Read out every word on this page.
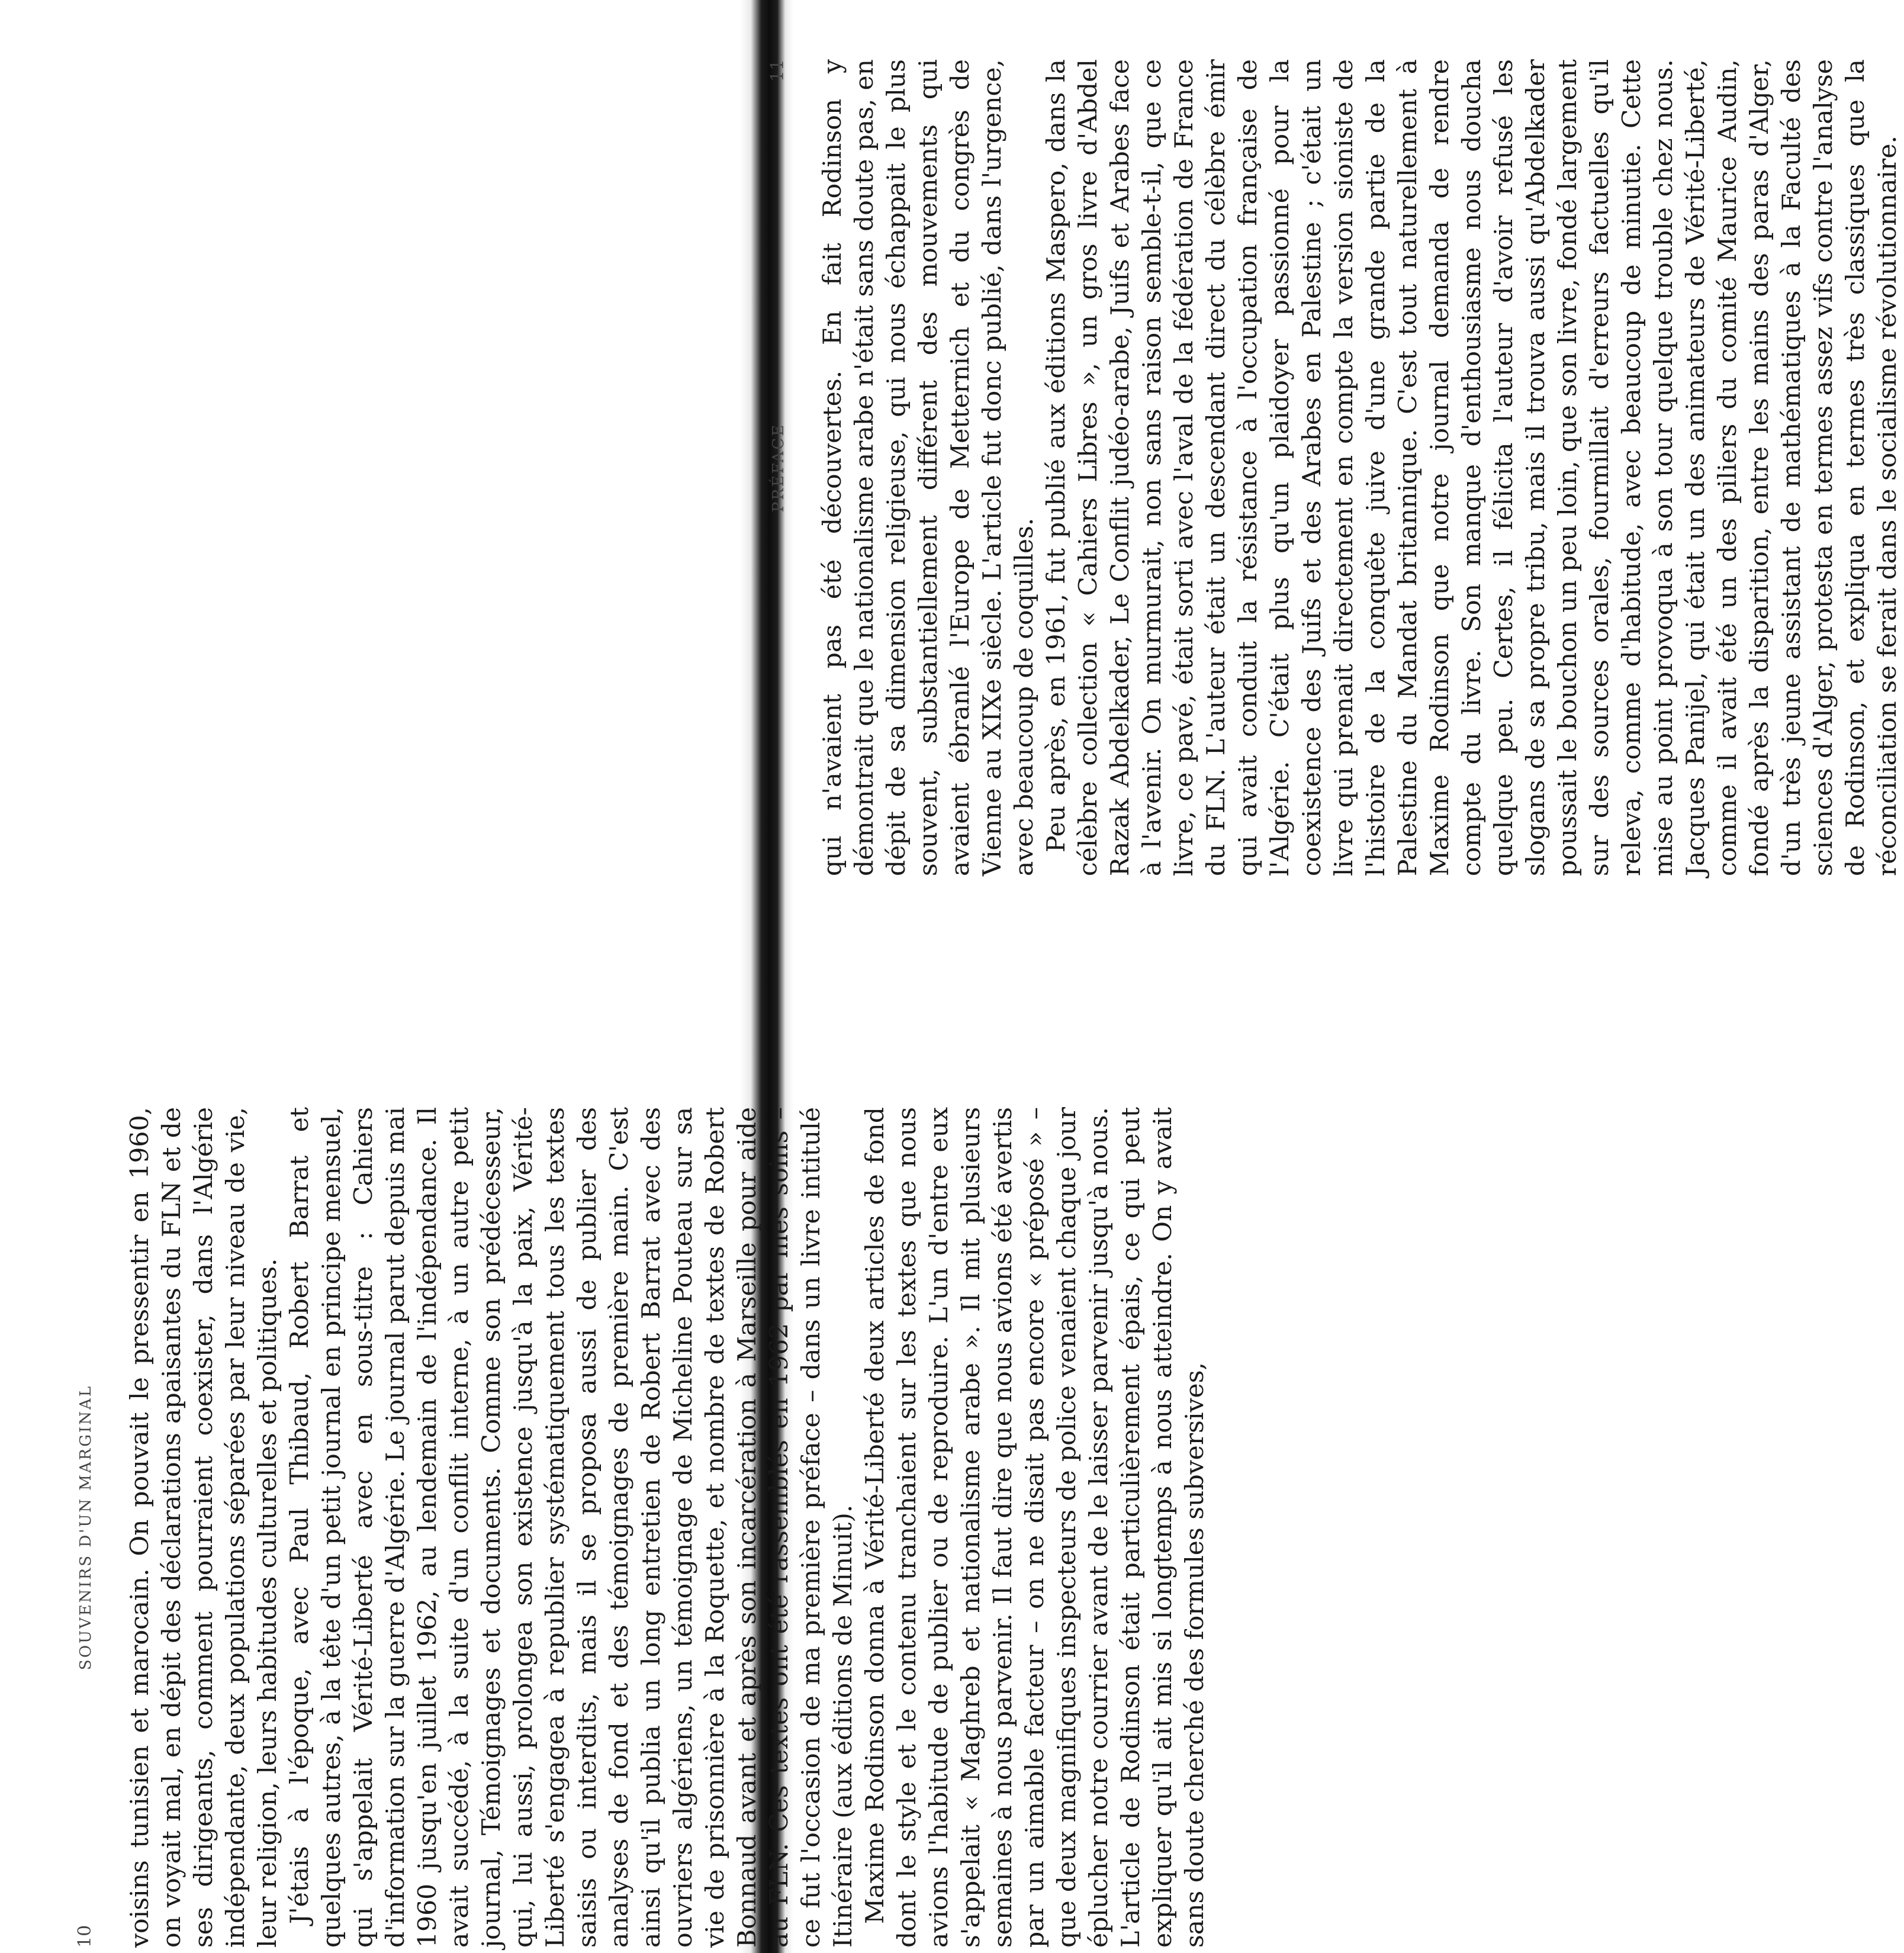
10
SOUVENIRS D'UN MARGINAL voisins tunisien et marocain. On pouvait le pressentir en 1960, on voyait mal, en dépit des déclarations apaisantes du FLN et de ses dirigeants, comment pourraient coexister, dans l'Algérie indépendante, deux populations séparées par leur niveau de vie, leur religion, leurs habitudes culturelles et politiques. J'étais à l'époque, avec Paul Thibaud, Robert Barrat et quelques autres, à la tête d'un petit journal en principe mensuel, qui s'appelait Vérité-Liberté avec en sous-titre : Cahiers d'information sur la guerre d'Algérie. Le journal parut depuis mai 1960 jusqu'en juillet 1962, au lendemain de l'indépendance. Il avait succédé, à la suite d'un conflit interne, à un autre petit journal, Témoignages et documents. Comme son prédécesseur, qui, lui aussi, prolongea son existence jusqu'à la paix, Vérité-Liberté s'engagea à republier systématiquement tous les textes saisis ou interdits, mais il se proposa aussi de publier des analyses de fond et des témoignages de première main. C'est ainsi qu'il publia un long entretien de Robert Barrat avec des ouvriers algériens, un témoignage de Micheline Pouteau sur sa vie de prisonnière à la Roquette, et nombre de textes de Robert Bonnaud avant et après son incarcération à Marseille pour aide au FLN. Ces textes ont été rassemblés en 1962 par mes soins – ce fut l'occasion de ma première préface – dans un livre intitulé Itinéraire (aux éditions de Minuit). Maxime Rodinson donna à Vérité-Liberté deux articles de fond dont le style et le contenu tranchaient sur les textes que nous avions l'habitude de publier ou de reproduire. L'un d'entre eux s'appelait « Maghreb et nationalisme arabe ». Il mit plusieurs semaines à nous parvenir. Il faut dire que nous avions été avertis par un aimable facteur – on ne disait pas encore « préposé » – que deux magnifiques inspecteurs de police venaient chaque jour éplucher notre courrier avant de le laisser parvenir jusqu'à nous. L'article de Rodinson était particulièrement épais, ce qui peut expliquer qu'il ait mis si longtemps à nous atteindre. On y avait sans doute cherché des formules subversives,

PRÉFACE
11 qui n'avaient pas été découvertes. En fait Rodinson y démontrait que le nationalisme arabe n'était sans doute pas, en dépit de sa dimension religieuse, qui nous échappait le plus souvent, substantiellement différent des mouvements qui avaient ébranlé l'Europe de Metternich et du congrès de Vienne au XIXe siècle. L'article fut donc publié, dans l'urgence, avec beaucoup de coquilles. Peu après, en 1961, fut publié aux éditions Maspero, dans la célèbre collection « Cahiers Libres », un gros livre d'Abdel Razak Abdelkader, Le Conflit judéo-arabe, Juifs et Arabes face à l'avenir. On murmurait, non sans raison semble-t-il, que ce livre, ce pavé, était sorti avec l'aval de la fédération de France du FLN. L'auteur était un descendant direct du célèbre émir qui avait conduit la résistance à l'occupation française de l'Algérie. C'était plus qu'un plaidoyer passionné pour la coexistence des Juifs et des Arabes en Palestine ; c'était un livre qui prenait directement en compte la version sioniste de l'histoire de la conquête juive d'une grande partie de la Palestine du Mandat britannique. C'est tout naturellement à Maxime Rodinson que notre journal demanda de rendre compte du livre. Son manque d'enthousiasme nous doucha quelque peu. Certes, il félicita l'auteur d'avoir refusé les slogans de sa propre tribu, mais il trouva aussi qu'Abdelkader poussait le bouchon un peu loin, que son livre, fondé largement sur des sources orales, fourmillait d'erreurs factuelles qu'il releva, comme d'habitude, avec beaucoup de minutie. Cette mise au point provoqua à son tour quelque trouble chez nous. Jacques Panijel, qui était un des animateurs de Vérité-Liberté, comme il avait été un des piliers du comité Maurice Audin, fondé après la disparition, entre les mains des paras d'Alger, d'un très jeune assistant de mathématiques à la Faculté des sciences d'Alger, protesta en termes assez vifs contre l'analyse de Rodinson, et expliqua en termes très classiques que la réconciliation se ferait dans le socialisme révolutionnaire.
